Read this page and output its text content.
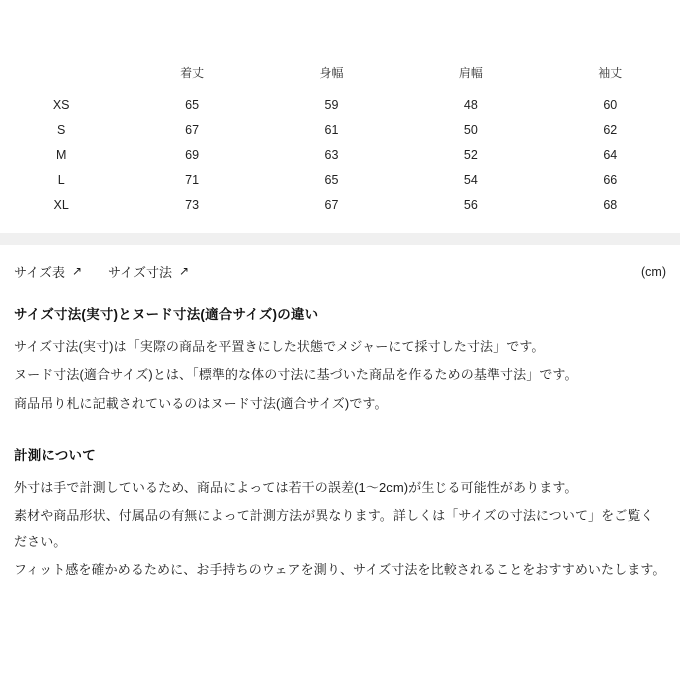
	着丈	身幅	肩幅	袖丈
XS	65	59	48	60
S	67	61	50	62
M	69	63	52	64
L	71	65	54	66
XL	73	67	56	68
サイズ表 ↗ サイズ寸法 ↗	(cm)
サイズ寸法(実寸)とヌード寸法(適合サイズ)の違い

サイズ寸法(実寸)は「実際の商品を平置きにした状態でメジャーにて採寸した寸法」です。

ヌード寸法(適合サイズ)とは、「標準的な体の寸法に基づいた商品を作るための基準寸法」です。

商品吊り札に記載されているのはヌード寸法(適合サイズ)です。

計測について

外寸は手で計測しているため、商品によっては若干の誤差(1〜2cm)が生じる可能性があります。

素材や商品形状、付属品の有無によって計測方法が異なります。詳しくは「サイズの寸法について」をご覧ください。

フィット感を確かめるために、お手持ちのウェアを測り、サイズ寸法を比較されることをおすすめいたします。
